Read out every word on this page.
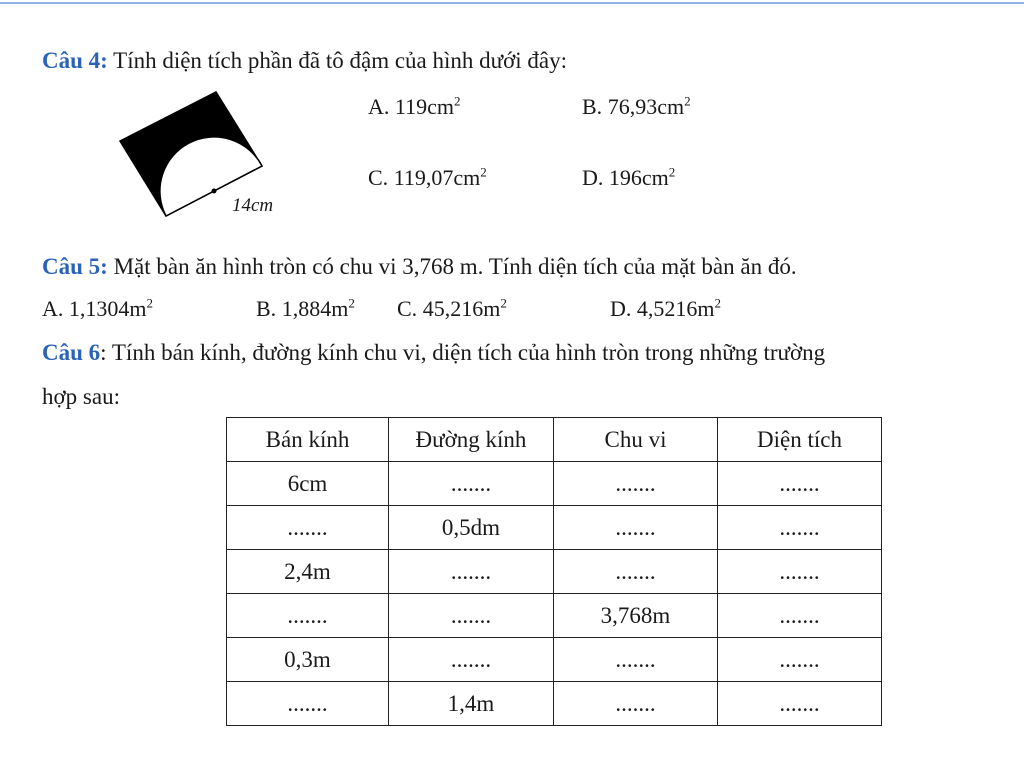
Câu 4: Tính diện tích phần đã tô đậm của hình dưới đây:
14cm
A. $119cm^2$	B. $76,93cm^2$
C. $119,07cm^2$	D. $196cm^2$
Câu 5: Mặt bàn ăn hình tròn có chu vi 3,768 m. Tính diện tích của mặt bàn ăn đó.
A. $1,1304m^2$	B. $1,884m^2$ C. $45,216m^2$	D. $4,5216m^2$
Câu 6: Tính bán kính, đường kính chu vi, diện tích của hình tròn trong những trường
hợp sau:
Bán kính	Đường kính	Chu vi	Diện tích
6cm	.......	.......	.......
.......	0,5dm	.......	.......
2,4m	.......	.......	.......
.......	.......	3,768m	.......
0,3m	.......	.......	.......
.......	1,4m	.......	.......
